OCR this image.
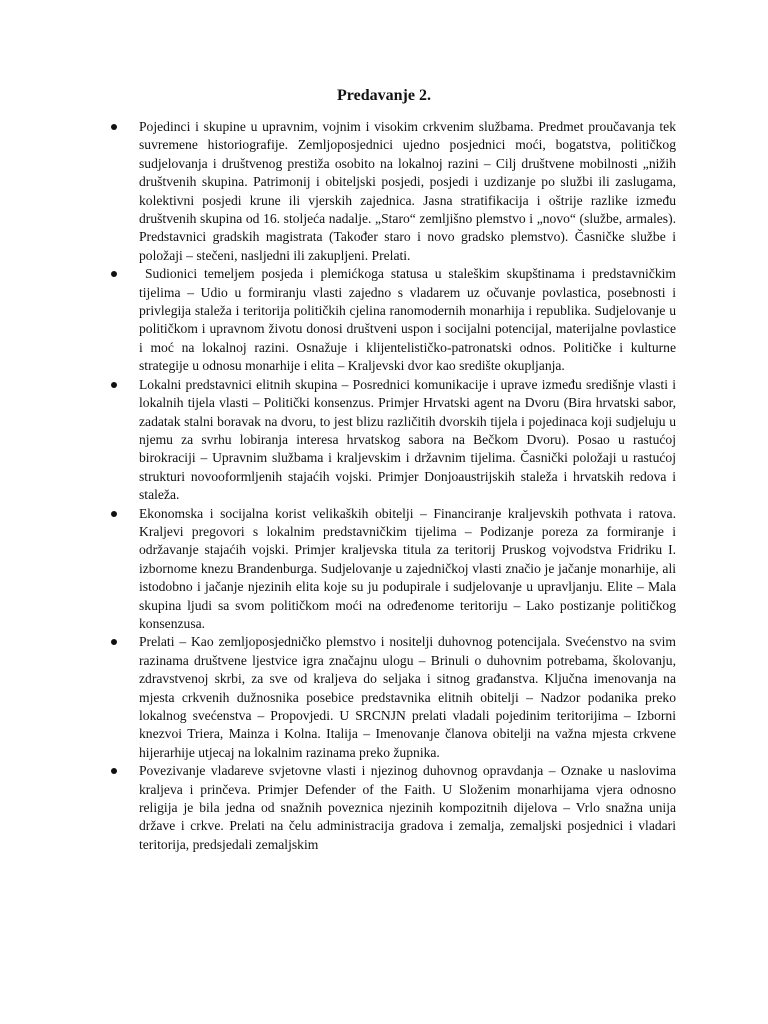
Predavanje 2.

Pojedinci i skupine u upravnim, vojnim i visokim crkvenim službama. Predmet proučavanja tek suvremene historiografije. Zemljoposjednici ujedno posjednici moći, bogatstva, političkog sudjelovanja i društvenog prestiža osobito na lokalnoj razini – Cilj društvene mobilnosti „nižih društvenih skupina. Patrimonij i obiteljski posjedi, posjedi i uzdizanje po službi ili zaslugama, kolektivni posjedi krune ili vjerskih zajednica. Jasna stratifikacija i oštrije razlike između društvenih skupina od 16. stoljeća nadalje. „Staro“ zemljišno plemstvo i „novo“ (službe, armales). Predstavnici gradskih magistrata (Također staro i novo gradsko plemstvo). Časničke službe i položaji – stečeni, nasljedni ili zakupljeni. Prelati.

Sudionici temeljem posjeda i plemićkoga statusa u staleškim skupštinama i predstavničkim tijelima – Udio u formiranju vlasti zajedno s vladarem uz očuvanje povlastica, posebnosti i privlegija staleža i teritorija političkih cjelina ranomodernih monarhija i republika. Sudjelovanje u političkom i upravnom životu donosi društveni uspon i socijalni potencijal, materijalne povlastice i moć na lokalnoj razini. Osnažuje i klijentelističko-patronatski odnos. Političke i kulturne strategije u odnosu monarhije i elita – Kraljevski dvor kao središte okupljanja.

Lokalni predstavnici elitnih skupina – Posrednici komunikacije i uprave između središnje vlasti i lokalnih tijela vlasti – Politički konsenzus. Primjer Hrvatski agent na Dvoru (Bira hrvatski sabor, zadatak stalni boravak na dvoru, to jest blizu različitih dvorskih tijela i pojedinaca koji sudjeluju u njemu za svrhu lobiranja interesa hrvatskog sabora na Bečkom Dvoru). Posao u rastućoj birokraciji – Upravnim službama i kraljevskim i državnim tijelima. Časnički položaji u rastućoj strukturi novooformljenih stajaćih vojski. Primjer Donjoaustrijskih staleža i hrvatskih redova i staleža.

Ekonomska i socijalna korist velikaških obitelji – Financiranje kraljevskih pothvata i ratova. Kraljevi pregovori s lokalnim predstavničkim tijelima – Podizanje poreza za formiranje i održavanje stajaćih vojski. Primjer kraljevska titula za teritorij Pruskog vojvodstva Fridriku I. izbornome knezu Brandenburga. Sudjelovanje u zajedničkoj vlasti značio je jačanje monarhije, ali istodobno i jačanje njezinih elita koje su ju podupirale i sudjelovanje u upravljanju. Elite – Mala skupina ljudi sa svom političkom moći na određenome teritoriju – Lako postizanje političkog konsenzusa.

Prelati – Kao zemljoposjedničko plemstvo i nositelji duhovnog potencijala. Svećenstvo na svim razinama društvene ljestvice igra značajnu ulogu – Brinuli o duhovnim potrebama, školovanju, zdravstvenoj skrbi, za sve od kraljeva do seljaka i sitnog građanstva. Ključna imenovanja na mjesta crkvenih dužnosnika posebice predstavnika elitnih obitelji – Nadzor podanika preko lokalnog svećenstva – Propovjedi. U SRCNJN prelati vladali pojedinim teritorijima – Izborni knezvoi Triera, Mainza i Kolna. Italija – Imenovanje članova obitelji na važna mjesta crkvene hijerarhije utjecaj na lokalnim razinama preko župnika.

Povezivanje vladareve svjetovne vlasti i njezinog duhovnog opravdanja – Oznake u naslovima kraljeva i prinčeva. Primjer Defender of the Faith. U Složenim monarhijama vjera odnosno religija je bila jedna od snažnih poveznica njezinih kompozitnih dijelova – Vrlo snažna unija države i crkve. Prelati na čelu administracija gradova i zemalja, zemaljski posjednici i vladari teritorija, predsjedali zemaljskim
